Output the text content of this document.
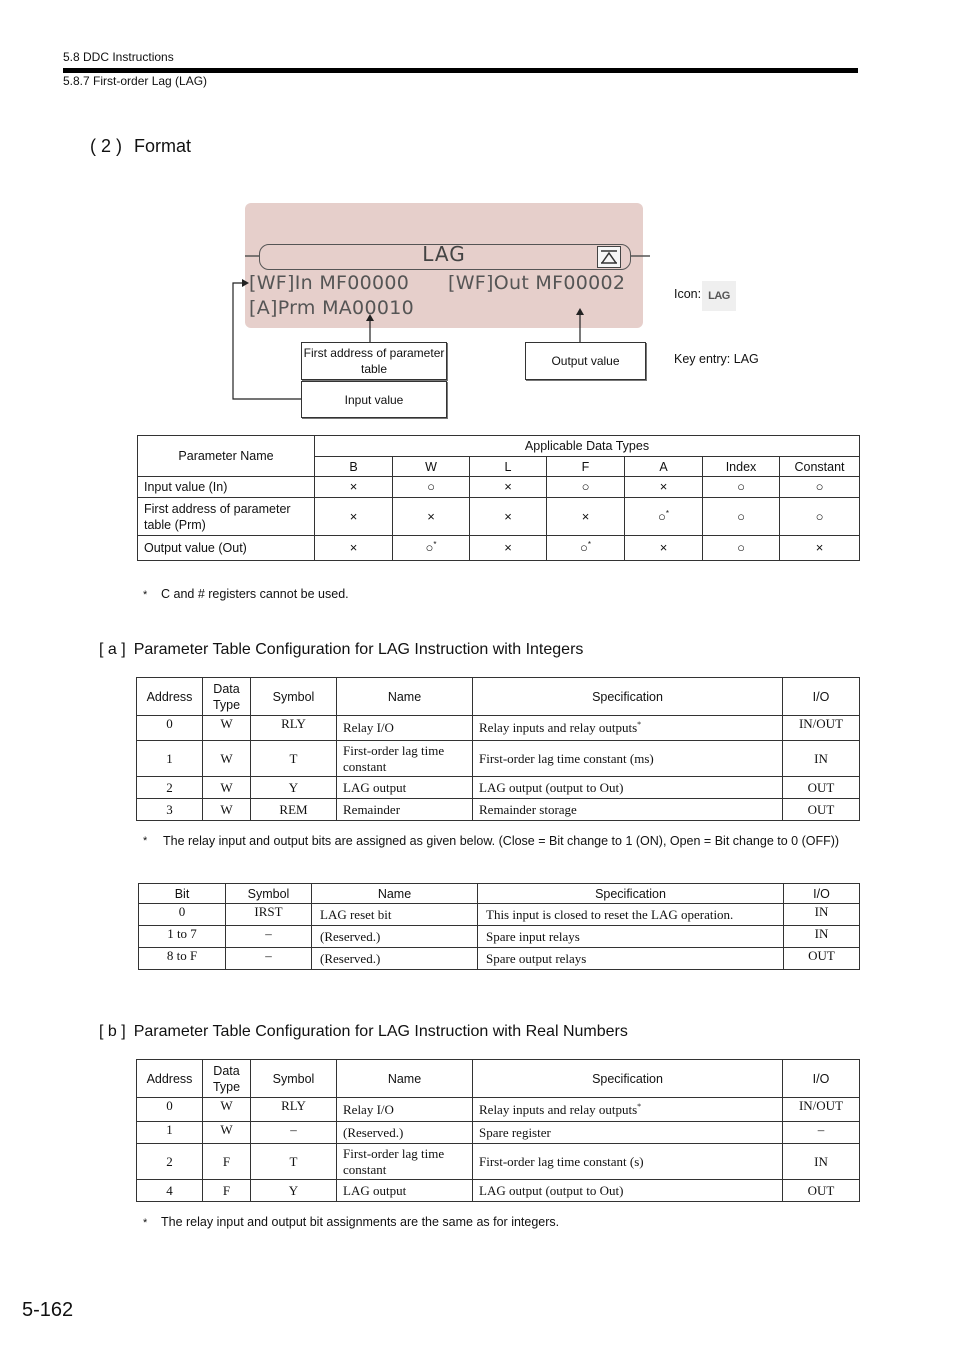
5.8 DDC Instructions
5.8.7 First-order Lag (LAG)
( 2 ) Format
LAG
[WF]In MF00000 [WF]Out MF00002
[A]Prm MA00010
First address of parameter table
Input value
Output value
Icon: LAG
Key entry: LAG
Parameter Name	Applicable Data Types						
	B	W	L	F	A	Index	Constant
Input value (In)	×	○	×	○	×	○	○
First address of parameter table (Prm)	×	×	×	×	○*	○	○
Output value (Out)	×	○*	×	○*	×	○	×
* C and # registers cannot be used.
[ a ] Parameter Table Configuration for LAG Instruction with Integers
Address	Data Type	Symbol	Name	Specification	I/O
0	W	RLY	Relay I/O	Relay inputs and relay outputs*	IN/OUT
1	W	T	First-order lag time constant	First-order lag time constant (ms)	IN
2	W	Y	LAG output	LAG output (output to Out)	OUT
3	W	REM	Remainder	Remainder storage	OUT
*	The relay input and output bits are assigned as given below. (Close = Bit change to 1 (ON), Open = Bit change to 0 (OFF))
Bit	Symbol	Name	Specification	I/O
0	IRST	LAG reset bit	This input is closed to reset the LAG operation.	IN
1 to 7	–	(Reserved.)	Spare input relays	IN
8 to F	–	(Reserved.)	Spare output relays	OUT
[ b ] Parameter Table Configuration for LAG Instruction with Real Numbers
Address	Data Type	Symbol	Name	Specification	I/O
0	W	RLY	Relay I/O	Relay inputs and relay outputs*	IN/OUT
1	W	–	(Reserved.)	Spare register	–
2	F	T	First-order lag time constant	First-order lag time constant (s)	IN
4	F	Y	LAG output	LAG output (output to Out)	OUT
* The relay input and output bit assignments are the same as for integers.
5-162
